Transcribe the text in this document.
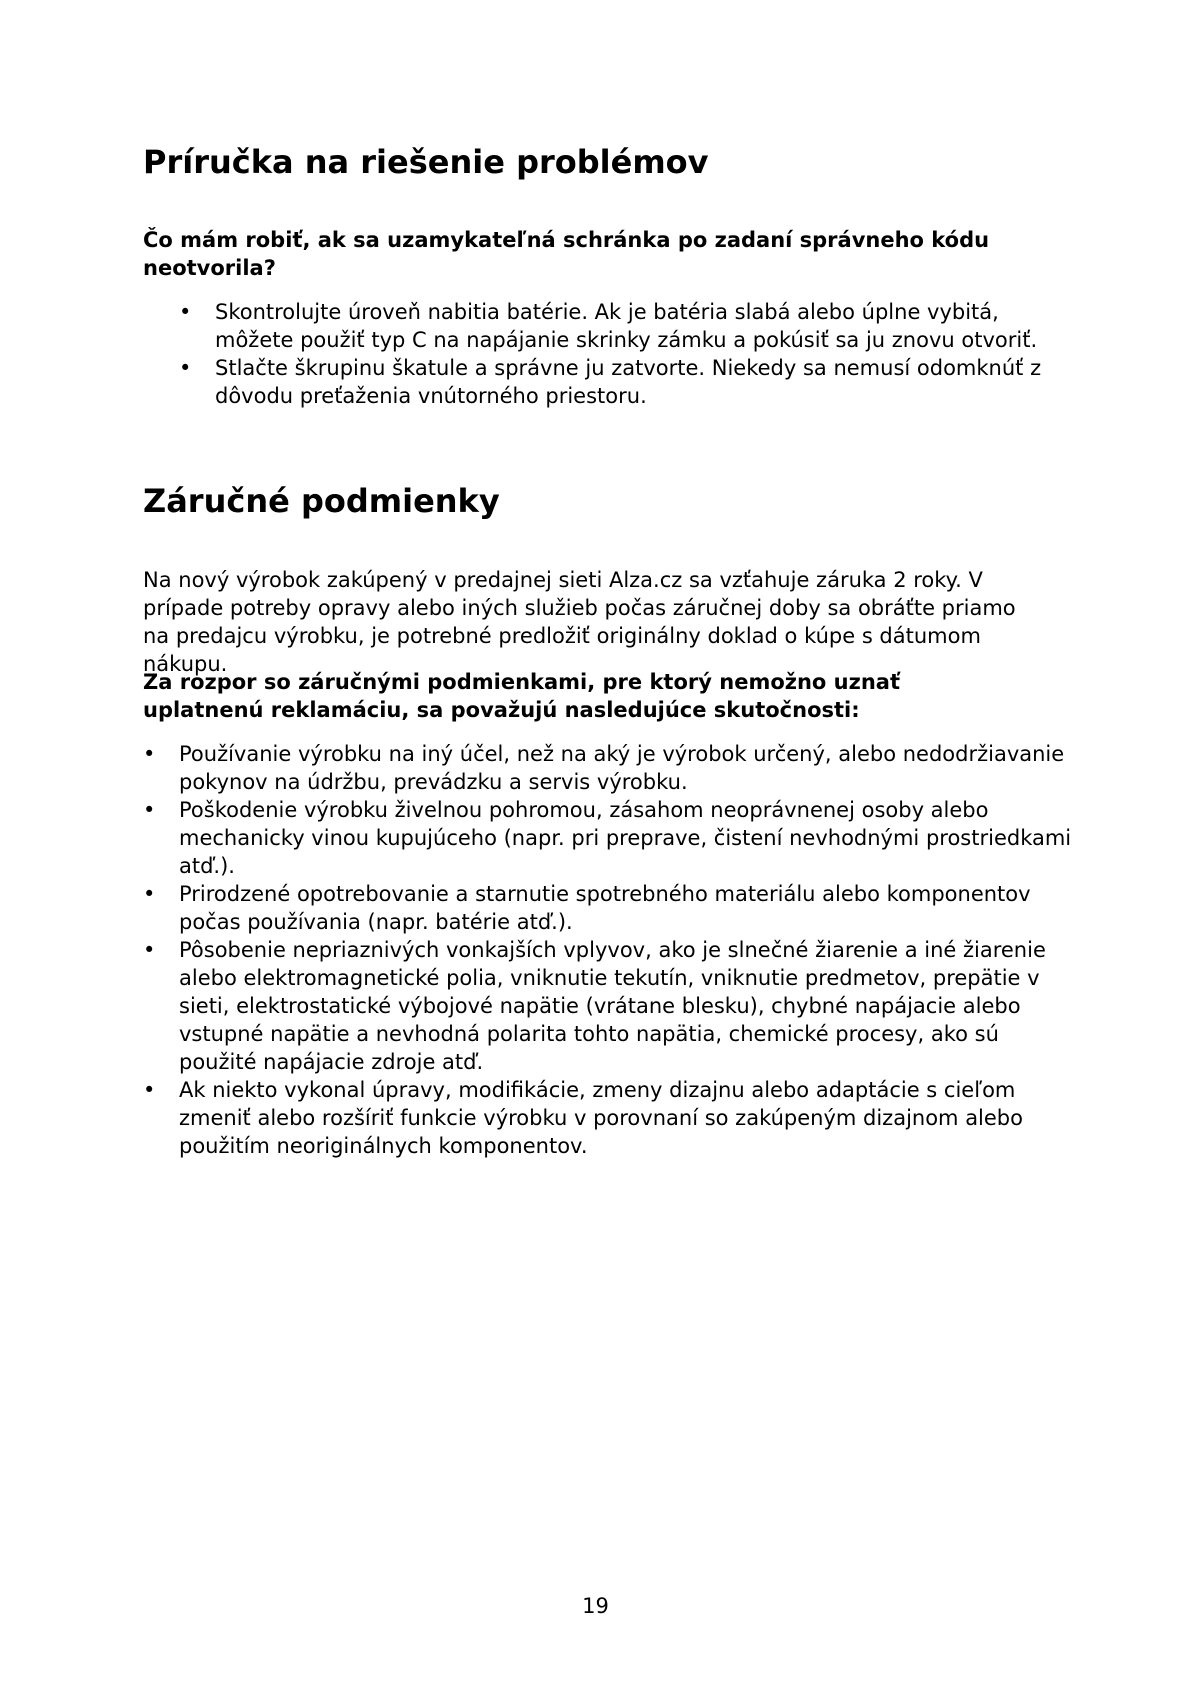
Príručka na riešenie problémov

Čo mám robiť, ak sa uzamykateľná schránka po zadaní správneho kódu neotvorila?

• Skontrolujte úroveň nabitia batérie. Ak je batéria slabá alebo úplne vybitá, môžete použiť typ C na napájanie skrinky zámku a pokúsiť sa ju znovu otvoriť.
• Stlačte škrupinu škatule a správne ju zatvorte. Niekedy sa nemusí odomknúť z dôvodu preťaženia vnútorného priestoru.
Záručné podmienky

Na nový výrobok zakúpený v predajnej sieti Alza.cz sa vzťahuje záruka 2 roky. V prípade potreby opravy alebo iných služieb počas záručnej doby sa obráťte priamo na predajcu výrobku, je potrebné predložiť originálny doklad o kúpe s dátumom nákupu.

Za rozpor so záručnými podmienkami, pre ktorý nemožno uznať uplatnenú reklamáciu, sa považujú nasledujúce skutočnosti:

• Používanie výrobku na iný účel, než na aký je výrobok určený, alebo nedodržiavanie pokynov na údržbu, prevádzku a servis výrobku.
• Poškodenie výrobku živelnou pohromou, zásahom neoprávnenej osoby alebo mechanicky vinou kupujúceho (napr. pri preprave, čistení nevhodnými prostriedkami atď.).
• Prirodzené opotrebovanie a starnutie spotrebného materiálu alebo komponentov počas používania (napr. batérie atď.).
• Pôsobenie nepriaznivých vonkajších vplyvov, ako je slnečné žiarenie a iné žiarenie alebo elektromagnetické polia, vniknutie tekutín, vniknutie predmetov, prepätie v sieti, elektrostatické výbojové napätie (vrátane blesku), chybné napájacie alebo vstupné napätie a nevhodná polarita tohto napätia, chemické procesy, ako sú použité napájacie zdroje atď.
• Ak niekto vykonal úpravy, modifikácie, zmeny dizajnu alebo adaptácie s cieľom zmeniť alebo rozšíriť funkcie výrobku v porovnaní so zakúpeným dizajnom alebo použitím neoriginálnych komponentov.
19
